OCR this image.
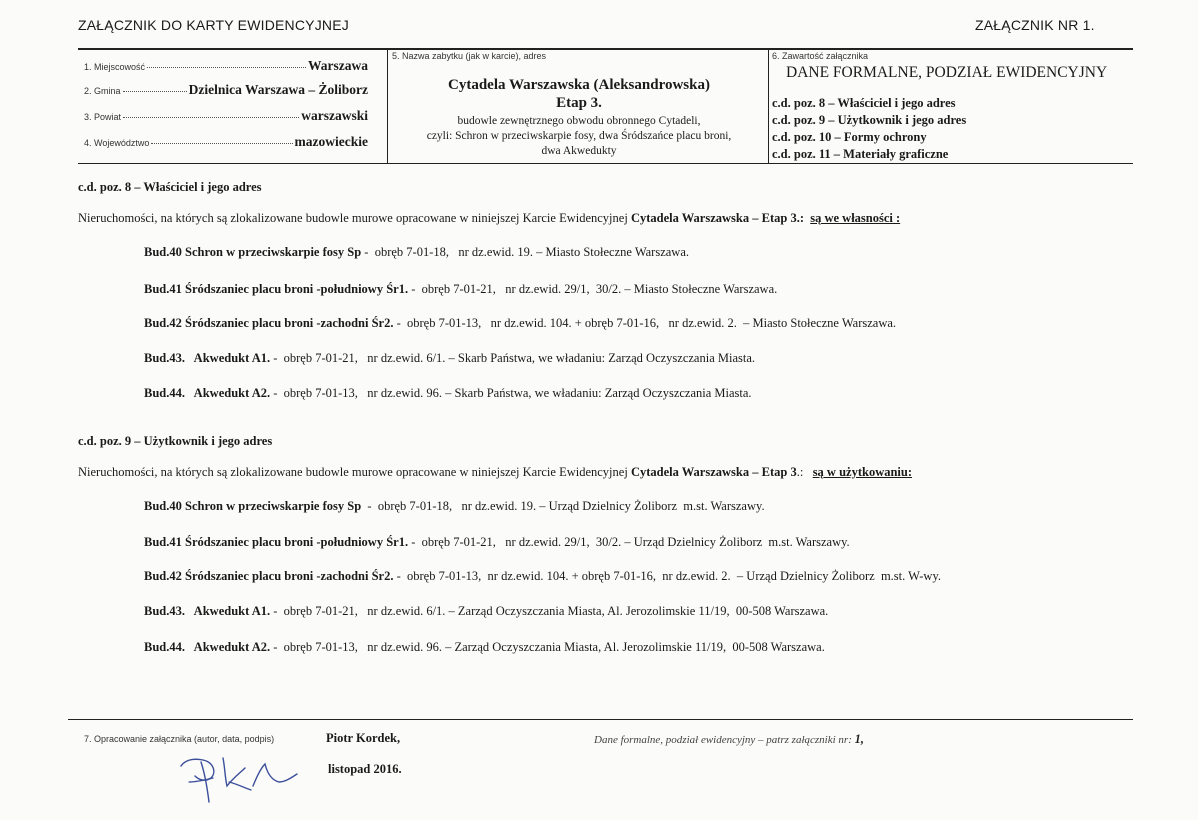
ZAŁĄCZNIK DO KARTY EWIDENCYJNEJ	ZAŁĄCZNIK NR 1.
1. Miejscowość	Warszawa
2. Gmina	Dzielnica Warszawa – Żoliborz
3. Powiat	warszawski
4. Województwo	mazowieckie
5. Nazwa zabytku (jak w karcie), adres
Cytadela Warszawska (Aleksandrowska)
Etap 3.
budowle zewnętrznego obwodu obronnego Cytadeli,
czyli: Schron w przeciwskarpie fosy, dwa Śródszańce placu broni,
dwa Akwedukty
6. Zawartość załącznika
DANE FORMALNE, PODZIAŁ EWIDENCYJNY
c.d. poz. 8 – Właściciel i jego adres
c.d. poz. 9 – Użytkownik i jego adres
c.d. poz. 10 – Formy ochrony
c.d. poz. 11 – Materiały graficzne
c.d. poz. 8 – Właściciel i jego adres
Nieruchomości, na których są zlokalizowane budowle murowe opracowane w niniejszej Karcie Ewidencyjnej Cytadela Warszawska – Etap 3.: są we własności :
Bud.40 Schron w przeciwskarpie fosy Sp -  obręb 7-01-18,   nr dz.ewid. 19. – Miasto Stołeczne Warszawa.
Bud.41 Śródszaniec placu broni -południowy Śr1. -  obręb 7-01-21,   nr dz.ewid. 29/1,  30/2. – Miasto Stołeczne Warszawa.
Bud.42 Śródszaniec placu broni -zachodni Śr2. -  obręb 7-01-13,   nr dz.ewid. 104. + obręb 7-01-16,   nr dz.ewid. 2.  – Miasto Stołeczne Warszawa.
Bud.43.   Akwedukt A1. -  obręb 7-01-21,   nr dz.ewid. 6/1. – Skarb Państwa, we władaniu: Zarząd Oczyszczania Miasta.
Bud.44.   Akwedukt A2. -  obręb 7-01-13,   nr dz.ewid. 96. – Skarb Państwa, we władaniu: Zarząd Oczyszczania Miasta.
c.d. poz. 9 – Użytkownik i jego adres
Nieruchomości, na których są zlokalizowane budowle murowe opracowane w niniejszej Karcie Ewidencyjnej Cytadela Warszawska – Etap 3.: są w użytkowaniu:
Bud.40 Schron w przeciwskarpie fosy Sp  -  obręb 7-01-18,   nr dz.ewid. 19. – Urząd Dzielnicy Żoliborz  m.st. Warszawy.
Bud.41 Śródszaniec placu broni -południowy Śr1. -  obręb 7-01-21,   nr dz.ewid. 29/1,  30/2. – Urząd Dzielnicy Żoliborz  m.st. Warszawy.
Bud.42 Śródszaniec placu broni -zachodni Śr2. -  obręb 7-01-13,  nr dz.ewid. 104. + obręb 7-01-16,  nr dz.ewid. 2.  – Urząd Dzielnicy Żoliborz  m.st. W-wy.
Bud.43.   Akwedukt A1. -  obręb 7-01-21,   nr dz.ewid. 6/1. – Zarząd Oczyszczania Miasta, Al. Jerozolimskie 11/19,  00-508 Warszawa.
Bud.44.   Akwedukt A2. -  obręb 7-01-13,   nr dz.ewid. 96. – Zarząd Oczyszczania Miasta, Al. Jerozolimskie 11/19,  00-508 Warszawa.
7. Opracowanie załącznika (autor, data, podpis)	Piotr Kordek,
listopad 2016.
Dane formalne, podział ewidencyjny – patrz załączniki nr: 1,
